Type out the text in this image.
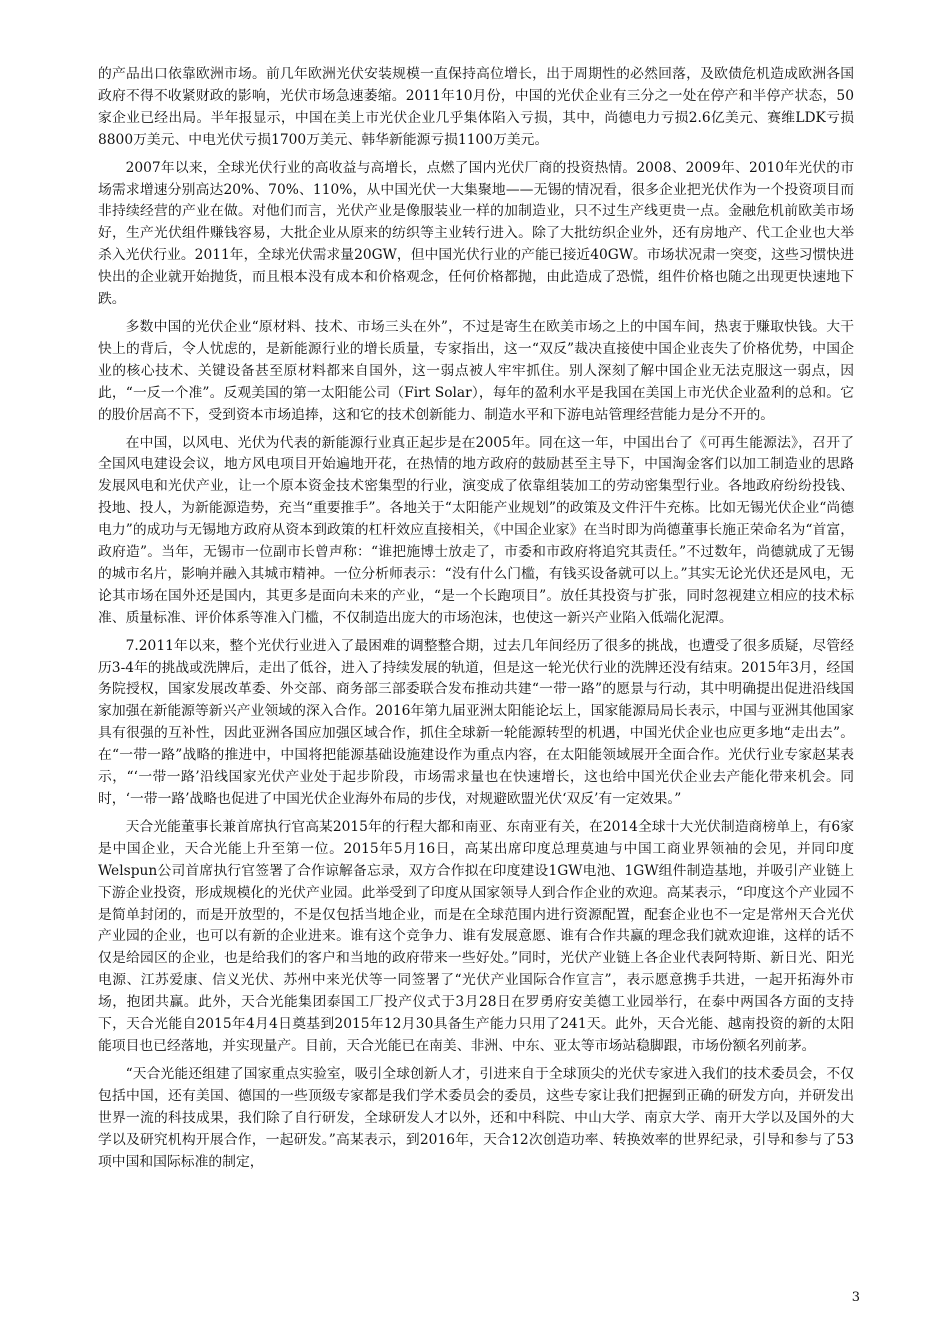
的产品出口依靠欧洲市场。前几年欧洲光伏安装规模一直保持高位增长，出于周期性的必然回落，及欧债危机造成欧洲各国政府不得不收紧财政的影响，光伏市场急速萎缩。2011年10月份，中国的光伏企业有三分之一处在停产和半停产状态，50家企业已经出局。半年报显示，中国在美上市光伏企业几乎集体陷入亏损，其中，尚德电力亏损2.6亿美元、赛维LDK亏损8800万美元、中电光伏亏损1700万美元、韩华新能源亏损1100万美元。

2007年以来，全球光伏行业的高收益与高增长，点燃了国内光伏厂商的投资热情。2008、2009年、2010年光伏的市场需求增速分别高达20%、70%、110%，从中国光伏一大集聚地——无锡的情况看，很多企业把光伏作为一个投资项目而非持续经营的产业在做。对他们而言，光伏产业是像服装业一样的加制造业，只不过生产线更贵一点。金融危机前欧美市场好，生产光伏组件赚钱容易，大批企业从原来的纺织等主业转行进入。除了大批纺织企业外，还有房地产、代工企业也大举杀入光伏行业。2011年，全球光伏需求量20GW，但中国光伏行业的产能已接近40GW。市场状况肃一突变，这些习惯快进快出的企业就开始抛货，而且根本没有成本和价格观念，任何价格都抛，由此造成了恐慌，组件价格也随之出现更快速地下跌。

多数中国的光伏企业“原材料、技术、市场三头在外”，不过是寄生在欧美市场之上的中国车间，热衷于赚取快钱。大干快上的背后，令人忧虑的，是新能源行业的增长质量，专家指出，这一“双反”裁决直接使中国企业丧失了价格优势，中国企业的核心技术、关键设备甚至原材料都来自国外，这一弱点被人牢牢抓住。别人深刻了解中国企业无法克服这一弱点，因此，“一反一个准”。反观美国的第一太阳能公司（Firt Solar），每年的盈利水平是我国在美国上市光伏企业盈利的总和。它的股价居高不下，受到资本市场追捧，这和它的技术创新能力、制造水平和下游电站管理经营能力是分不开的。

在中国，以风电、光伏为代表的新能源行业真正起步是在2005年。同在这一年，中国出台了《可再生能源法》，召开了全国风电建设会议，地方风电项目开始遍地开花，在热情的地方政府的鼓励甚至主导下，中国淘金客们以加工制造业的思路发展风电和光伏产业，让一个原本资金技术密集型的行业，演变成了依靠组装加工的劳动密集型行业。各地政府纷纷投钱、投地、投人，为新能源造势，充当“重要推手”。各地关于“太阳能产业规划”的政策及文件汗牛充栋。比如无锡光伏企业“尚德电力”的成功与无锡地方政府从资本到政策的杠杆效应直接相关，《中国企业家》在当时即为尚德董事长施正荣命名为“首富，政府造”。当年，无锡市一位副市长曾声称：“谁把施博士放走了，市委和市政府将追究其责任。”不过数年，尚德就成了无锡的城市名片，影响并融入其城市精神。一位分析师表示：“没有什么门槛，有钱买设备就可以上。”其实无论光伏还是风电，无论其市场在国外还是国内，其更多是面向未来的产业，“是一个长跑项目”。放任其投资与扩张，同时忽视建立相应的技术标准、质量标准、评价体系等准入门槛，不仅制造出庞大的市场泡沫，也使这一新兴产业陷入低端化泥潭。

7.2011年以来，整个光伏行业进入了最困难的调整整合期，过去几年间经历了很多的挑战，也遭受了很多质疑，尽管经历3-4年的挑战或洗牌后，走出了低谷，进入了持续发展的轨道，但是这一轮光伏行业的洗牌还没有结束。2015年3月，经国务院授权，国家发展改革委、外交部、商务部三部委联合发布推动共建“一带一路”的愿景与行动，其中明确提出促进沿线国家加强在新能源等新兴产业领域的深入合作。2016年第九届亚洲太阳能论坛上，国家能源局局长表示，中国与亚洲其他国家具有很强的互补性，因此亚洲各国应加强区域合作，抓住全球新一轮能源转型的机遇，中国光伏企业也应更多地“走出去”。在“一带一路”战略的推进中，中国将把能源基础设施建设作为重点内容，在太阳能领域展开全面合作。光伏行业专家赵某表示，“‘一带一路’沿线国家光伏产业处于起步阶段，市场需求量也在快速增长，这也给中国光伏企业去产能化带来机会。同时，‘一带一路’战略也促进了中国光伏企业海外布局的步伐，对规避欧盟光伏‘双反’有一定效果。”

天合光能董事长兼首席执行官高某2015年的行程大都和南亚、东南亚有关，在2014全球十大光伏制造商榜单上，有6家是中国企业，天合光能上升至第一位。2015年5月16日，高某出席印度总理莫迪与中国工商业界领袖的会见，并同印度Welspun公司首席执行官签署了合作谅解备忘录，双方合作拟在印度建设1GW电池、1GW组件制造基地，并吸引产业链上下游企业投资，形成规模化的光伏产业园。此举受到了印度从国家领导人到合作企业的欢迎。高某表示，“印度这个产业园不是简单封闭的，而是开放型的，不是仅包括当地企业，而是在全球范围内进行资源配置，配套企业也不一定是常州天合光伏产业园的企业，也可以有新的企业进来。谁有这个竞争力、谁有发展意愿、谁有合作共赢的理念我们就欢迎谁，这样的话不仅是给园区的企业，也是给我们的客户和当地的政府带来一些好处。”同时，光伏产业链上各企业代表阿特斯、新日光、阳光电源、江苏爱康、信义光伏、苏州中来光伏等一同签署了“光伏产业国际合作宣言”，表示愿意携手共进，一起开拓海外市场，抱团共赢。此外，天合光能集团泰国工厂投产仪式于3月28日在罗勇府安美德工业园举行，在泰中两国各方面的支持下，天合光能自2015年4月4日奠基到2015年12月30具备生产能力只用了241天。此外，天合光能、越南投资的新的太阳能项目也已经落地，并实现量产。目前，天合光能已在南美、非洲、中东、亚太等市场站稳脚跟，市场份额名列前茅。

“天合光能还组建了国家重点实验室，吸引全球创新人才，引进来自于全球顶尖的光伏专家进入我们的技术委员会，不仅包括中国，还有美国、德国的一些顶级专家都是我们学术委员会的委员，这些专家让我们把握到正确的研发方向，并研发出世界一流的科技成果，我们除了自行研发，全球研发人才以外，还和中科院、中山大学、南京大学、南开大学以及国外的大学以及研究机构开展合作，一起研发。”高某表示，到2016年，天合12次创造功率、转换效率的世界纪录，引导和参与了53项中国和国际标准的制定，

3
